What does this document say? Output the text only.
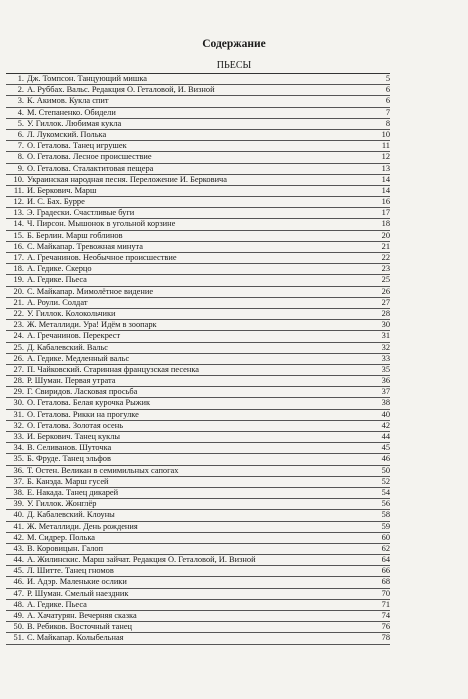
Содержание
ПЬЕСЫ
1. Дж. Томпсон. Танцующий мишка	5
2. А. Руббах. Вальс. Редакция О. Геталовой, И. Визной	6
3. К. Акимов. Кукла спит	6
4. М. Степаненко. Обидели	7
5. У. Гиллок. Любимая кукла	8
6. Л. Лукомский. Полька	10
7. О. Геталова. Танец игрушек	11
8. О. Геталова. Лесное происшествие	12
9. О. Геталова. Сталактитовая пещера	13
10. Украинская народная песня. Переложение И. Берковича	14
11. И. Беркович. Марш	14
12. И. С. Бах. Бурре	16
13. Э. Градески. Счастливые буги	17
14. Ч. Пирсон. Мышонок в угольной корзине	18
15. Б. Берлин. Марш гоблинов	20
16. С. Майкапар. Тревожная минута	21
17. А. Гречанинов. Необычное происшествие	22
18. А. Гедике. Скерцо	23
19. А. Гедике. Пьеса	25
20. С. Майкапар. Мимолётное видение	26
21. А. Роули. Солдат	27
22. У. Гиллок. Колокольчики	28
23. Ж. Металлиди. Ура! Идём в зоопарк	30
24. А. Гречанинов. Перекрест	31
25. Д. Кабалевский. Вальс	32
26. А. Гедике. Медленный вальс	33
27. П. Чайковский. Старинная французская песенка	35
28. Р. Шуман. Первая утрата	36
29. Г. Свиридов. Ласковая просьба	37
30. О. Геталова. Белая курочка Рыжик	38
31. О. Геталова. Рикки на прогулке	40
32. О. Геталова. Золотая осень	42
33. И. Беркович. Танец куклы	44
34. В. Селиванов. Шуточка	45
35. Б. Фруде. Танец эльфов	46
36. Т. Остен. Великан в семимильных сапогах	50
37. Б. Канэда. Марш гусей	52
38. Е. Накада. Танец дикарей	54
39. У. Гиллок. Жонглёр	56
40. Д. Кабалевский. Клоуны	58
41. Ж. Металлиди. День рождения	59
42. М. Сидрер. Полька	60
43. В. Коровицын. Галоп	62
44. А. Жилинскис. Марш зайчат. Редакция О. Геталовой, И. Визной	64
45. Л. Шитте. Танец гномов	66
46. И. Адэр. Маленькие ослики	68
47. Р. Шуман. Смелый наездник	70
48. А. Гедике. Пьеса	71
49. А. Хачатурян. Вечерняя сказка	74
50. В. Ребиков. Восточный танец	76
51. С. Майкапар. Колыбельная	78
